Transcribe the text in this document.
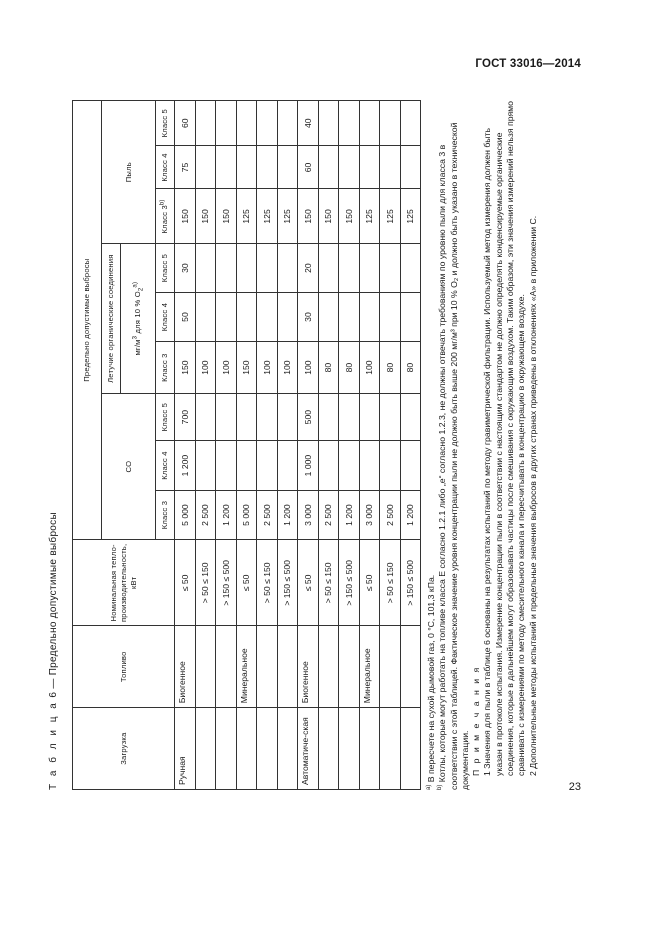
ГОСТ 33016—2014
Т а б л и ц а 6 — Предельно допустимые выбросы
Загрузка	Топливо	Номинальная тепло-производительность, кВт	Предельно допустимые выбросы								
			СО			Летучие органические соединения			Пыль		
						$мг/м^3$ для 10 % $О_2^{а)}$
			Класс 3	Класс 4	Класс 5	Класс 3	Класс 4	Класс 5	Класс 3$^{b)}$	Класс 4	Класс 5
Ручная	Биогенное	≤ 50	5 000	1 200	700	150	50	30	150	75	60
		> 50 ≤ 150	2 500			100			150		
		> 150 ≤ 500	1 200			100			150		
	Минеральное	≤ 50	5 000			150			125		
		> 50 ≤ 150	2 500			100			125		
		> 150 ≤ 500	1 200			100			125		
Автоматиче-ская	Биогенное	≤ 50	3 000	1 000	500	100	30	20	150	60	40
		> 50 ≤ 150	2 500			80			150		
		> 150 ≤ 500	1 200			80			150		
	Минеральное	≤ 50	3 000			100			125		
		> 50 ≤ 150	2 500			80			125		
		> 150 ≤ 500	1 200			80			125		
$^{а)}$ В пересчете на сухой дымовой газ, 0 °С, 101,3 кПа.
$^{b)}$ Котлы, которые могут работать на топливе класса Е согласно 1.2.1 либо „е“ согласно 1.2.3, не должны отвечать требованиям по уровню пыли для класса 3 в соответствии с этой таблицей. Фактическое значение уровня концентрации пыли не должно быть выше 200 мг/м³ при 10 % О₂ и должно быть указано в технической документации. П р и м е ч а н и я 1 Значения для пыли в таблице 6 основаны на результатах испытаний по методу гравиметрической фильтрации. Используемый метод измерения должен быть указан в протоколе испытания. Измерение концентрации пыли в соответствии с настоящим стандартом не должно определять конденсируемые органические соединения, которые в дальнейшем могут образовывать частицы после смешивания с окружающим воздухом. Таким образом, эти значения измерений нельзя прямо сравнивать с измерениями по методу смесительного канала и пересчитывать в концентрацию в окружающем воздухе. 2 Дополнительные методы испытаний и предельные значения выбросов в других странах приведены в отклонениях «А» в приложении С.
23
